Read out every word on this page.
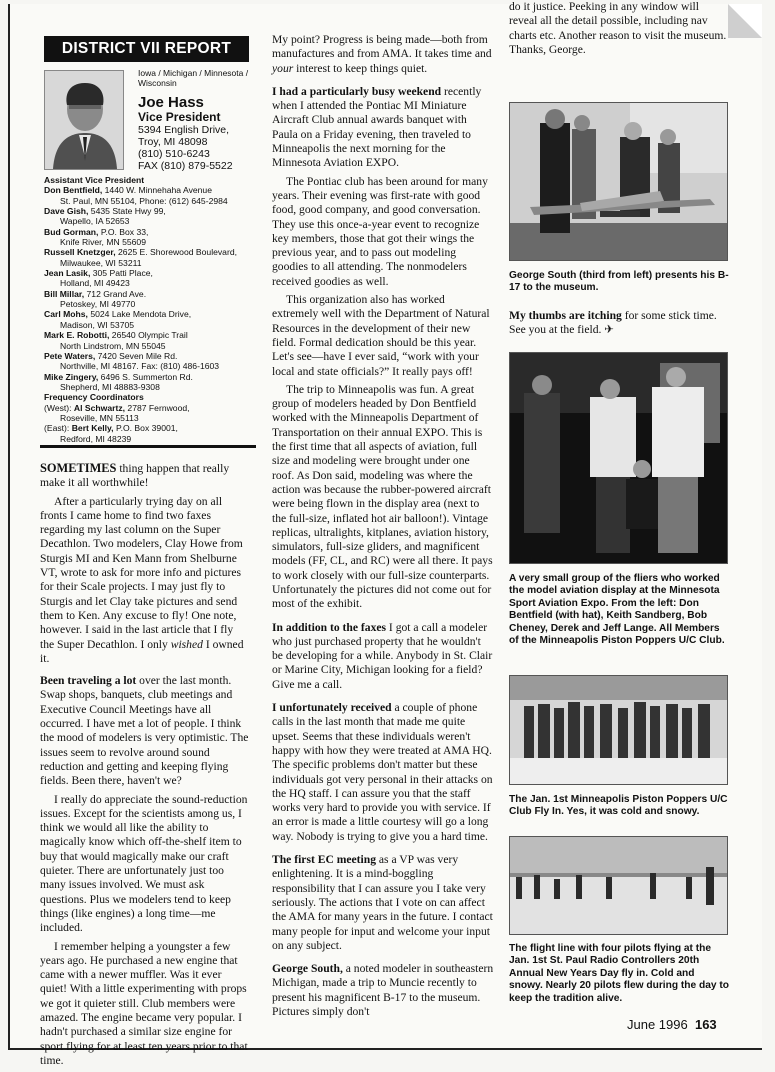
DISTRICT VII REPORT
Iowa / Michigan / Minnesota / Wisconsin
Joe Hass
Vice President
5394 English Drive,
Troy, MI 48098
(810) 510-6243
FAX (810) 879-5522
Assistant Vice President
Don Bentfield, 1440 W. Minnehaha Avenue
St. Paul, MN 55104, Phone: (612) 645-2984
Dave Gish, 5435 State Hwy 99,
Wapello, IA 52653
Bud Gorman, P.O. Box 33,
Knife River, MN 55609
Russell Knetzger, 2625 E. Shorewood Boulevard,
Milwaukee, WI 53211
Jean Lasik, 305 Patti Place,
Holland, MI 49423
Bill Millar, 712 Grand Ave.
Petoskey, MI 49770
Carl Mohs, 5024 Lake Mendota Drive,
Madison, WI 53705
Mark E. Robotti, 26540 Olympic Trail
North Lindstrom, MN 55045
Pete Waters, 7420 Seven Mile Rd.
Northville, MI 48167. Fax: (810) 486-1603
Mike Zingery, 6496 S. Summerton Rd.
Shepherd, MI 48883-9308
Frequency Coordinators
(West): Al Schwartz, 2787 Fernwood,
Roseville, MN 55113
(East): Bert Kelly, P.O. Box 39001,
Redford, MI 48239

SOMETIMES thing happen that really make it all worthwhile!

After a particularly trying day on all fronts I came home to find two faxes regarding my last column on the Super Decathlon. Two modelers, Clay Howe from Sturgis MI and Ken Mann from Shelburne VT, wrote to ask for more info and pictures for their Scale projects. I may just fly to Sturgis and let Clay take pictures and send them to Ken. Any excuse to fly! One note, however. I said in the last article that I fly the Super Decathlon. I only wished I owned it.

Been traveling a lot over the last month. Swap shops, banquets, club meetings and Executive Council Meetings have all occurred. I have met a lot of people. I think the mood of modelers is very optimistic. The issues seem to revolve around sound reduction and getting and keeping flying fields. Been there, haven't we?

I really do appreciate the sound-reduction issues. Except for the scientists among us, I think we would all like the ability to magically know which off-the-shelf item to buy that would magically make our craft quieter. There are unfortunately just too many issues involved. We must ask questions. Plus we modelers tend to keep things (like engines) a long time—me included.

I remember helping a youngster a few years ago. He purchased a new engine that came with a newer muffler. Was it ever quiet! With a little experimenting with props we got it quieter still. Club members were amazed. The engine became very popular. I hadn't purchased a similar size engine for sport flying for at least ten years prior to that time.

My point? Progress is being made—both from manufactures and from AMA. It takes time and your interest to keep things quiet.

I had a particularly busy weekend recently when I attended the Pontiac MI Miniature Aircraft Club annual awards banquet with Paula on a Friday evening, then traveled to Minneapolis the next morning for the Minnesota Aviation EXPO.

The Pontiac club has been around for many years. Their evening was first-rate with good food, good company, and good conversation. They use this once-a-year event to recognize key members, those that got their wings the previous year, and to pass out modeling goodies to all attending. The nonmodelers received goodies as well.

This organization also has worked extremely well with the Department of Natural Resources in the development of their new field. Formal dedication should be this year. Let's see—have I ever said, “work with your local and state officials?” It really pays off!

The trip to Minneapolis was fun. A great group of modelers headed by Don Bentfield worked with the Minneapolis Department of Transportation on their annual EXPO. This is the first time that all aspects of aviation, full size and modeling were brought under one roof. As Don said, modeling was where the action was because the rubber-powered aircraft were being flown in the display area (next to the full-size, inflated hot air balloon!). Vintage replicas, ultralights, kitplanes, aviation history, simulators, full-size gliders, and magnificent models (FF, CL, and RC) were all there. It pays to work closely with our full-size counterparts. Unfortunately the pictures did not come out for most of the exhibit.

In addition to the faxes I got a call a modeler who just purchased property that he wouldn't be developing for a while. Anybody in St. Clair or Marine City, Michigan looking for a field? Give me a call.

I unfortunately received a couple of phone calls in the last month that made me quite upset. Seems that these individuals weren't happy with how they were treated at AMA HQ. The specific problems don't matter but these individuals got very personal in their attacks on the HQ staff. I can assure you that the staff works very hard to provide you with service. If an error is made a little courtesy will go a long way. Nobody is trying to give you a hard time.

The first EC meeting as a VP was very enlightening. It is a mind-boggling responsibility that I can assure you I take very seriously. The actions that I vote on can affect the AMA for many years in the future. I contact many people for input and welcome your input on any subject.

George South, a noted modeler in southeastern Michigan, made a trip to Muncie recently to present his magnificent B-17 to the museum. Pictures simply don't

do it justice. Peeking in any window will reveal all the detail possible, including nav charts etc. Another reason to visit the museum. Thanks, George.

George South (third from left) presents his B-17 to the museum.

My thumbs are itching for some stick time. See you at the field. ✈

A very small group of the fliers who worked the model aviation display at the Minnesota Sport Aviation Expo. From the left: Don Bentfield (with hat), Keith Sandberg, Bob Cheney, Derek and Jeff Lange. All Members of the Minneapolis Piston Poppers U/C Club.
The Jan. 1st Minneapolis Piston Poppers U/C Club Fly In. Yes, it was cold and snowy.
The flight line with four pilots flying at the Jan. 1st St. Paul Radio Controllers 20th Annual New Years Day fly in. Cold and snowy. Nearly 20 pilots flew during the day to keep the tradition alive.
June 1996 163
